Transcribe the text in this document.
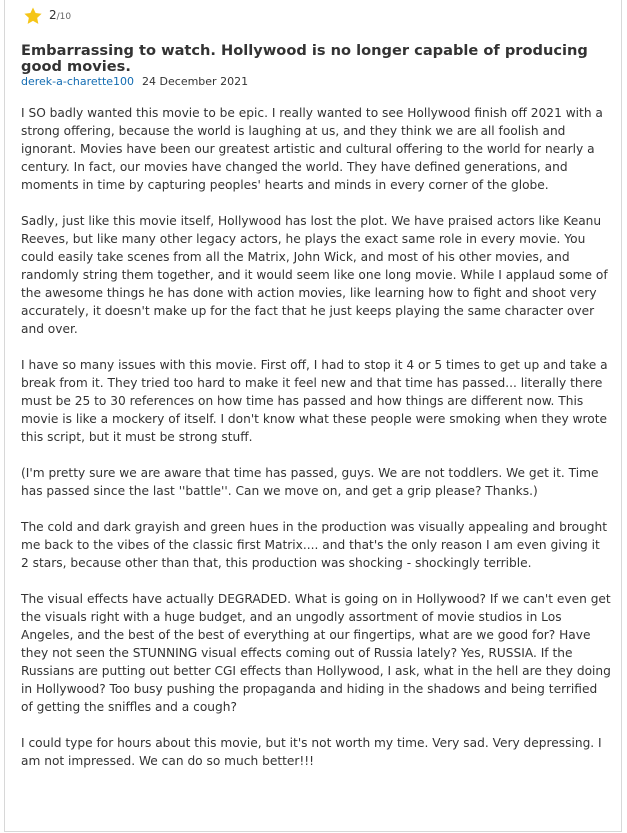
2/10
Embarrassing to watch. Hollywood is no longer capable of producing good movies.
derek-a-charette100 24 December 2021

I SO badly wanted this movie to be epic. I really wanted to see Hollywood finish off 2021 with a strong offering, because the world is laughing at us, and they think we are all foolish and ignorant. Movies have been our greatest artistic and cultural offering to the world for nearly a century. In fact, our movies have changed the world. They have defined generations, and moments in time by capturing peoples' hearts and minds in every corner of the globe.

Sadly, just like this movie itself, Hollywood has lost the plot. We have praised actors like Keanu Reeves, but like many other legacy actors, he plays the exact same role in every movie. You could easily take scenes from all the Matrix, John Wick, and most of his other movies, and randomly string them together, and it would seem like one long movie. While I applaud some of the awesome things he has done with action movies, like learning how to fight and shoot very accurately, it doesn't make up for the fact that he just keeps playing the same character over and over.

I have so many issues with this movie. First off, I had to stop it 4 or 5 times to get up and take a break from it. They tried too hard to make it feel new and that time has passed... literally there must be 25 to 30 references on how time has passed and how things are different now. This movie is like a mockery of itself. I don't know what these people were smoking when they wrote this script, but it must be strong stuff.

(I'm pretty sure we are aware that time has passed, guys. We are not toddlers. We get it. Time has passed since the last ''battle''. Can we move on, and get a grip please? Thanks.)

The cold and dark grayish and green hues in the production was visually appealing and brought me back to the vibes of the classic first Matrix.... and that's the only reason I am even giving it 2 stars, because other than that, this production was shocking - shockingly terrible.

The visual effects have actually DEGRADED. What is going on in Hollywood? If we can't even get the visuals right with a huge budget, and an ungodly assortment of movie studios in Los Angeles, and the best of the best of everything at our fingertips, what are we good for? Have they not seen the STUNNING visual effects coming out of Russia lately? Yes, RUSSIA. If the Russians are putting out better CGI effects than Hollywood, I ask, what in the hell are they doing in Hollywood? Too busy pushing the propaganda and hiding in the shadows and being terrified of getting the sniffles and a cough?

I could type for hours about this movie, but it's not worth my time. Very sad. Very depressing. I am not impressed. We can do so much better!!!
